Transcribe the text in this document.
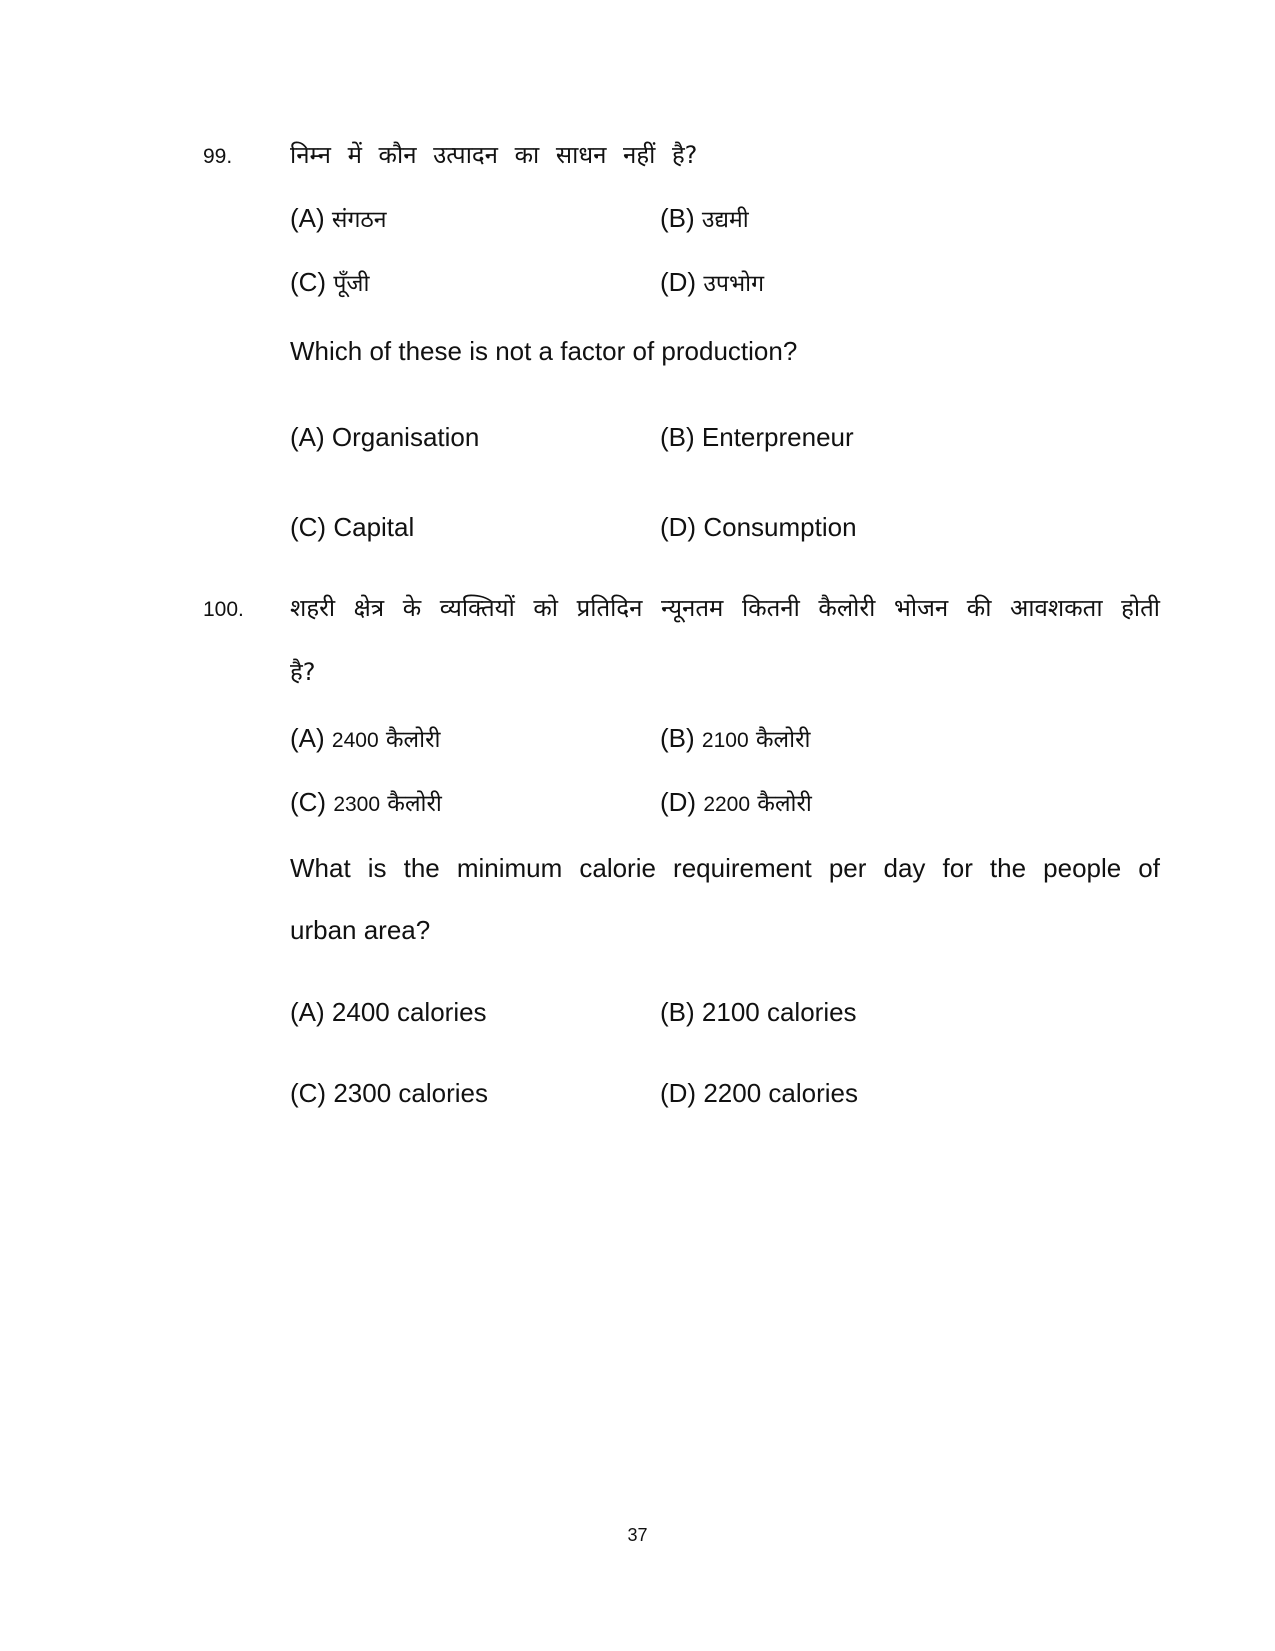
99. निम्न में कौन उत्पादन का साधन नहीं है?
(A) संगठन	(B) उद्यमी
(C) पूँजी	(D) उपभोग
Which of these is not a factor of production?
(A) Organisation	(B) Enterpreneur
(C) Capital	(D) Consumption
100. शहरी क्षेत्र के व्यक्तियों को प्रतिदिन न्यूनतम कितनी कैलोरी भोजन की आवशकता होती
है?
(A) 2400 कैलोरी	(B) 2100 कैलोरी
(C) 2300 कैलोरी	(D) 2200 कैलोरी
What is the minimum calorie requirement per day for the people of
urban area?
(A) 2400 calories	(B) 2100 calories
(C) 2300 calories	(D) 2200 calories
37
